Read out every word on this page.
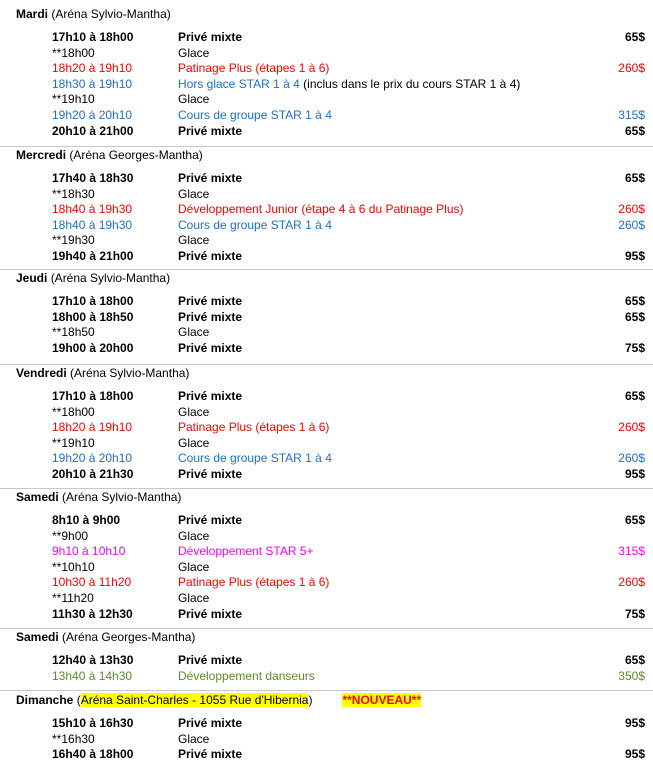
Mardi (Aréna Sylvio-Mantha)
17h10 à 18h00	Privé mixte	65$
**18h00	Glace
18h20 à 19h10	Patinage Plus (étapes 1 à 6)	260$
18h30 à 19h10	Hors glace STAR 1 à 4 (inclus dans le prix du cours STAR 1 à 4)
**19h10	Glace
19h20 à 20h10	Cours de groupe STAR 1 à 4	315$
20h10 à 21h00	Privé mixte	65$
Mercredi (Aréna Georges-Mantha)
17h40 à 18h30	Privé mixte	65$
**18h30	Glace
18h40 à 19h30	Développement Junior (étape 4 à 6 du Patinage Plus)	260$
18h40 à 19h30	Cours de groupe STAR 1 à 4	260$
**19h30	Glace
19h40 à 21h00	Privé mixte	95$
Jeudi (Aréna Sylvio-Mantha)
17h10 à 18h00	Privé mixte	65$
18h00 à 18h50	Privé mixte	65$
**18h50	Glace
19h00 à 20h00	Privé mixte	75$
Vendredi (Aréna Sylvio-Mantha)
17h10 à 18h00	Privé mixte	65$
**18h00	Glace
18h20 à 19h10	Patinage Plus (étapes 1 à 6)	260$
**19h10	Glace
19h20 à 20h10	Cours de groupe STAR 1 à 4	260$
20h10 à 21h30	Privé mixte	95$
Samedi (Aréna Sylvio-Mantha)
8h10 à 9h00	Privé mixte	65$
**9h00	Glace
9h10 à 10h10	Développement STAR 5+	315$
**10h10	Glace
10h30 à 11h20	Patinage Plus (étapes 1 à 6)	260$
**11h20	Glace
11h30 à 12h30	Privé mixte	75$
Samedi (Aréna Georges-Mantha)
12h40 à 13h30	Privé mixte	65$
13h40 à 14h30	Développement danseurs	350$
Dimanche (Aréna Saint-Charles - 1055 Rue d'Hibernia)	**NOUVEAU**
15h10 à 16h30	Privé mixte	95$
**16h30	Glace
16h40 à 18h00	Privé mixte	95$
